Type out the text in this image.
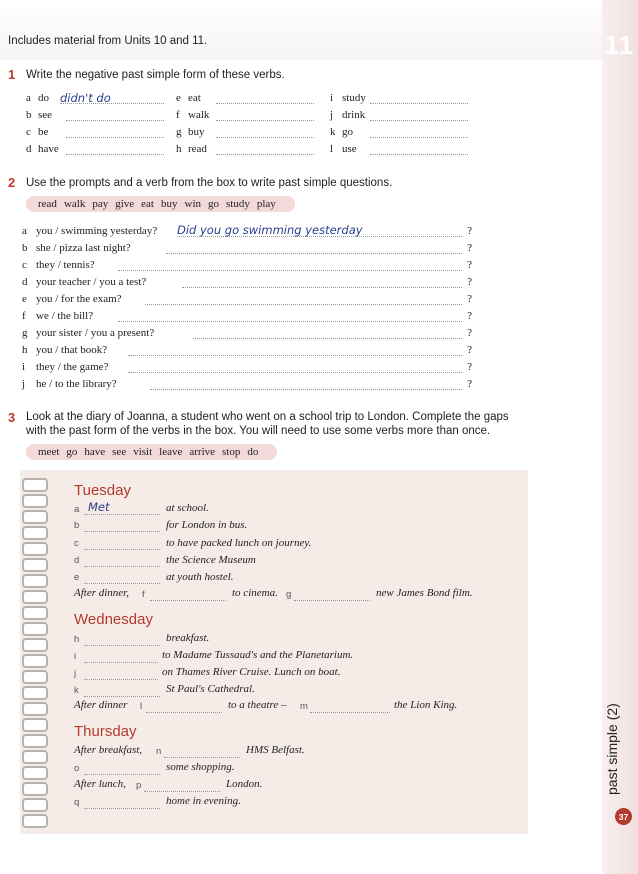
11
Includes material from Units 10 and 11.
1 Write the negative past simple form of these verbs.
a do didn't do
b see
c be
d have
e eat
f walk
g buy
h read
i study
j drink
k go
l use
2 Use the prompts and a verb from the box to write past simple questions.
read walk pay give eat buy win go study play
a you / swimming yesterday? Did you go swimming yesterday	?
b she / pizza last night?	?
c they / tennis?	?
d your teacher / you a test?	?
e you / for the exam?	?
f we / the bill?	?
g your sister / you a present?	?
h you / that book?	?
i they / the game?	?
j he / to the library?	?
3 Look at the diary of Joanna, a student who went on a school trip to London. Complete the gaps
with the past form of the verbs in the box. You will need to use some verbs more than once.
meet go have see visit leave arrive stop do
Tuesday
a Met	at school.
b	for London in bus.
c	to have packed lunch on journey.
d	the Science Museum
e	at youth hostel.
After dinner, f	to cinema. g	new James Bond film.
Wednesday
h	breakfast.
i	to Madame Tussaud's and the Planetarium.
j	on Thames River Cruise. Lunch on boat.
k	St Paul's Cathedral.
After dinner l	to a theatre – m	the Lion King.
Thursday
After breakfast, n	HMS Belfast.
o	some shopping.
After lunch, p	London.
q	home in evening.
past simple (2)
37
